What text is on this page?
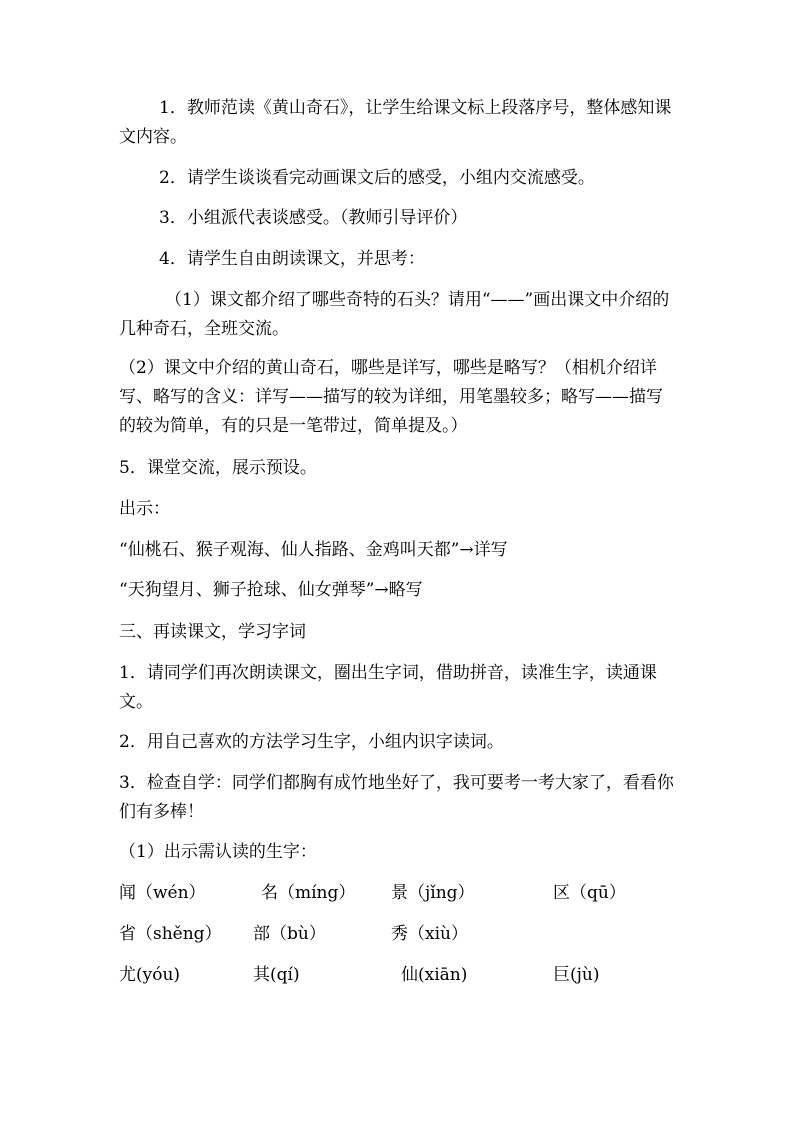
1．教师范读《黄山奇石》，让学生给课文标上段落序号，整体感知课文内容。

2．请学生谈谈看完动画课文后的感受，小组内交流感受。

3．小组派代表谈感受。（教师引导评价）

4．请学生自由朗读课文，并思考：

（1）课文都介绍了哪些奇特的石头？请用“——”画出课文中介绍的几种奇石，全班交流。

（2）课文中介绍的黄山奇石，哪些是详写，哪些是略写？（相机介绍详写、略写的含义：详写——描写的较为详细，用笔墨较多；略写——描写的较为简单，有的只是一笔带过，简单提及。）

5．课堂交流，展示预设。

出示：

“仙桃石、猴子观海、仙人指路、金鸡叫天都”→详写

“天狗望月、狮子抢球、仙女弹琴”→略写

三、再读课文，学习字词

1．请同学们再次朗读课文，圈出生字词，借助拼音，读准生字，读通课文。

2．用自己喜欢的方法学习生字，小组内识字读词。

3．检查自学：同学们都胸有成竹地坐好了，我可要考一考大家了，看看你们有多棒！

（1）出示需认读的生字：

闻（wén）	名（míng） 景（jǐng）	区（qū）
省（shěng） 部（bù）	秀（xiù）
尤(yóu)	其(qí)	仙(xiān)	巨(jù)
